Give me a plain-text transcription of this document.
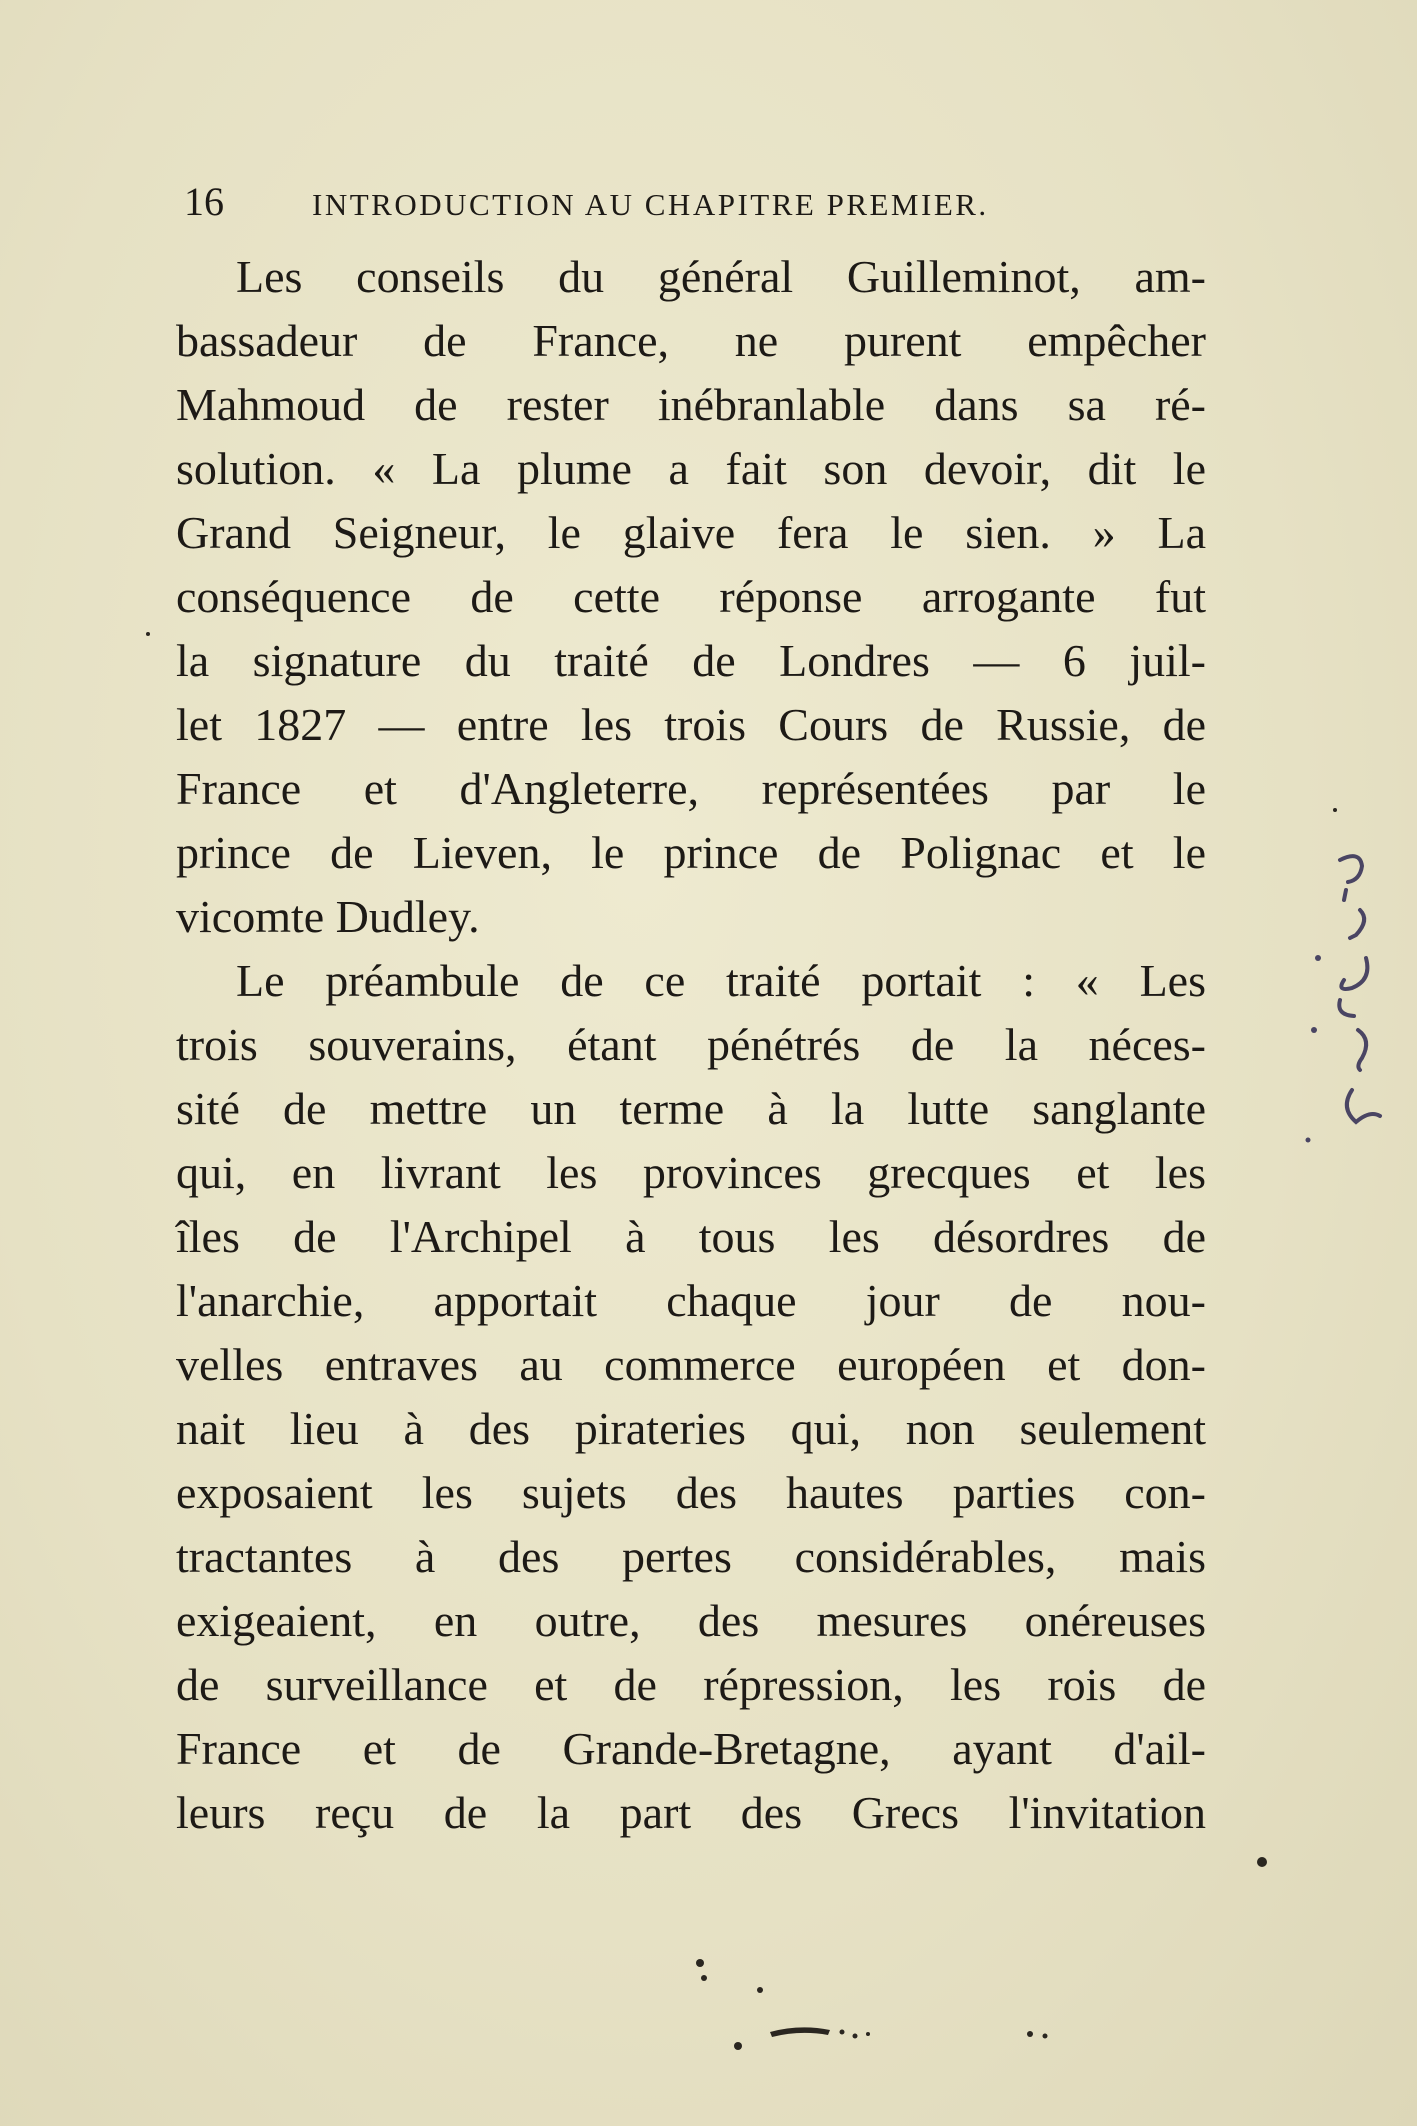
16	INTRODUCTION AU CHAPITRE PREMIER.
Les conseils du général Guilleminot, am-
bassadeur de France, ne purent empêcher
Mahmoud de rester inébranlable dans sa ré-
solution. « La plume a fait son devoir, dit le
Grand Seigneur, le glaive fera le sien. » La
conséquence de cette réponse arrogante fut
la signature du traité de Londres — 6 juil-
let 1827 — entre les trois Cours de Russie, de
France et d'Angleterre, représentées par le
prince de Lieven, le prince de Polignac et le
vicomte Dudley.
Le préambule de ce traité portait : « Les
trois souverains, étant pénétrés de la néces-
sité de mettre un terme à la lutte sanglante
qui, en livrant les provinces grecques et les
îles de l'Archipel à tous les désordres de
l'anarchie, apportait chaque jour de nou-
velles entraves au commerce européen et don-
nait lieu à des pirateries qui, non seulement
exposaient les sujets des hautes parties con-
tractantes à des pertes considérables, mais
exigeaient, en outre, des mesures onéreuses
de surveillance et de répression, les rois de
France et de Grande-Bretagne, ayant d'ail-
leurs reçu de la part des Grecs l'invitation
